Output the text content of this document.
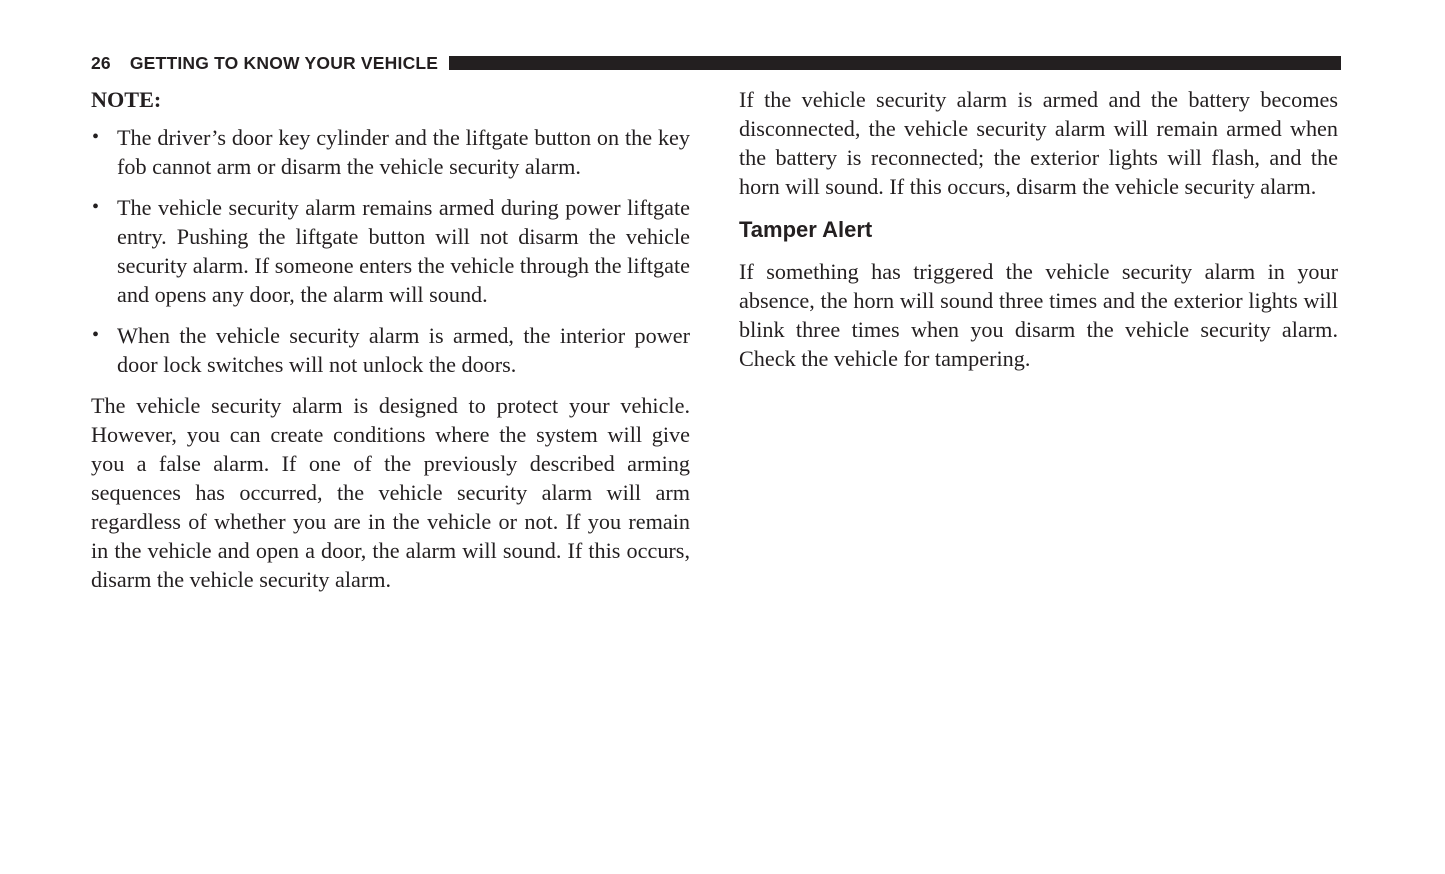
26 GETTING TO KNOW YOUR VEHICLE

NOTE:

• The driver’s door key cylinder and the liftgate button on the key fob cannot arm or disarm the vehicle security alarm.
• The vehicle security alarm remains armed during power liftgate entry. Pushing the liftgate button will not disarm the vehicle security alarm. If someone enters the vehicle through the liftgate and opens any door, the alarm will sound.
• When the vehicle security alarm is armed, the interior power door lock switches will not unlock the doors.

The vehicle security alarm is designed to protect your vehicle. However, you can create conditions where the system will give you a false alarm. If one of the previously described arming sequences has occurred, the vehicle security alarm will arm regardless of whether you are in the vehicle or not. If you remain in the vehicle and open a door, the alarm will sound. If this occurs, disarm the vehicle security alarm.

If the vehicle security alarm is armed and the battery becomes disconnected, the vehicle security alarm will remain armed when the battery is reconnected; the exterior lights will flash, and the horn will sound. If this occurs, disarm the vehicle security alarm.

Tamper Alert

If something has triggered the vehicle security alarm in your absence, the horn will sound three times and the exterior lights will blink three times when you disarm the vehicle security alarm. Check the vehicle for tampering.
